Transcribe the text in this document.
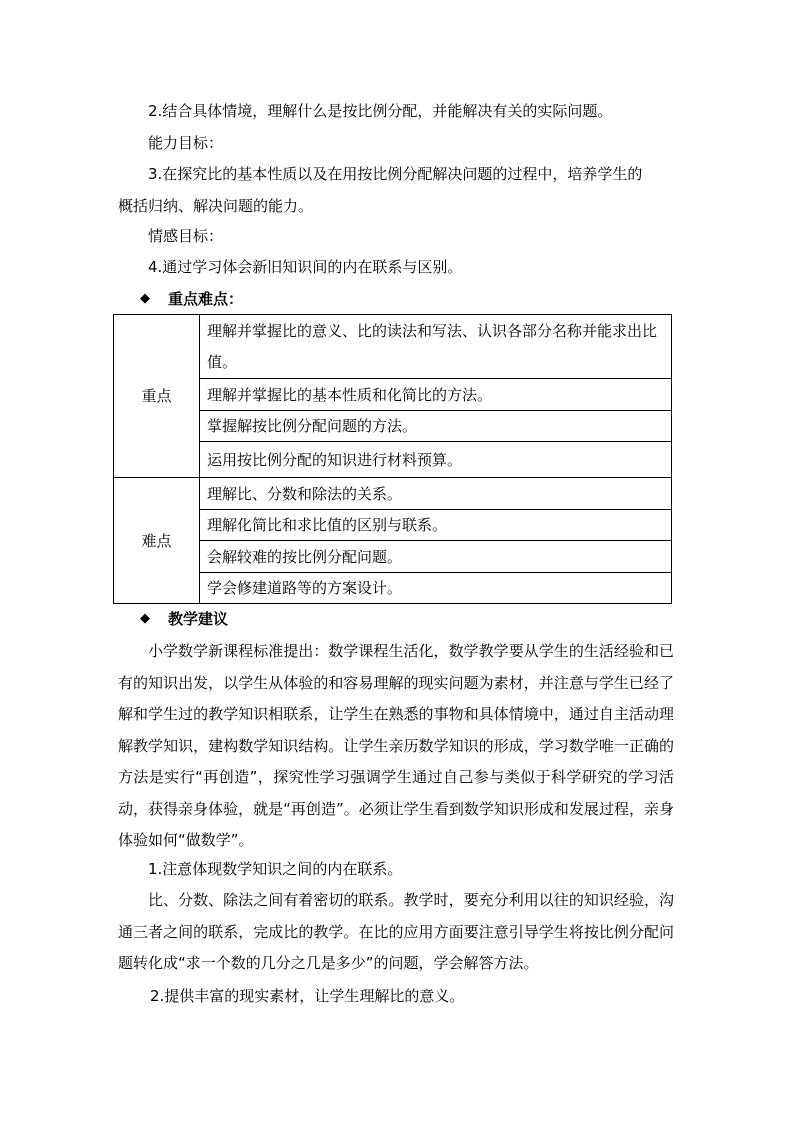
2.结合具体情境，理解什么是按比例分配，并能解决有关的实际问题。
能力目标：
3.在探究比的基本性质以及在用按比例分配解决问题的过程中，培养学生的
概括归纳、解决问题的能力。
情感目标：
4.通过学习体会新旧知识间的内在联系与区别。
◆ 重点难点：
重点	理解并掌握比的意义、比的读法和写法、认识各部分名称并能求出比值。
	理解并掌握比的基本性质和化简比的方法。
	掌握解按比例分配问题的方法。
	运用按比例分配的知识进行材料预算。
难点	理解比、分数和除法的关系。
	理解化简比和求比值的区别与联系。
	会解较难的按比例分配问题。
	学会修建道路等的方案设计。
◆ 教学建议
小学数学新课程标准提出：数学课程生活化，数学教学要从学生的生活经验和已有的知识出发，以学生从体验的和容易理解的现实问题为素材，并注意与学生已经了解和学生过的教学知识相联系，让学生在熟悉的事物和具体情境中，通过自主活动理解教学知识，建构数学知识结构。让学生亲历数学知识的形成，学习数学唯一正确的方法是实行“再创造”，探究性学习强调学生通过自己参与类似于科学研究的学习活动，获得亲身体验，就是“再创造”。必须让学生看到数学知识形成和发展过程，亲身体验如何“做数学”。
1.注意体现数学知识之间的内在联系。
比、分数、除法之间有着密切的联系。教学时，要充分利用以往的知识经验，沟通三者之间的联系，完成比的教学。在比的应用方面要注意引导学生将按比例分配问题转化成“求一个数的几分之几是多少”的问题，学会解答方法。
2.提供丰富的现实素材，让学生理解比的意义。
